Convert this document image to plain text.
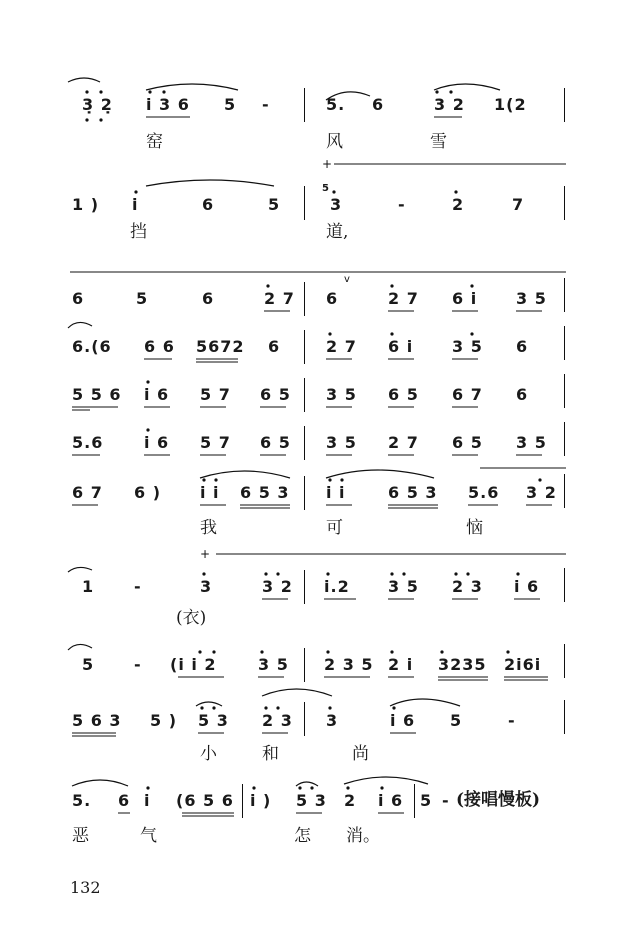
3̣ 2̣ i 3 6 5 -	5. 6	3 2 1(2
窑	风	雪
1 ) i	6	5
5
3	-	2	7
挡	道,
6	5	6	2 7 6	2 7 6 i 3 5
6.(6 6 6 5672 6	2 7 6 i 3 5 6
5 5 6 i 6 5 7 6 5 3 5 6 5 6 7 6
5.6	i 6 5 7 6 5 3 5 2 7 6 5 3 5
6 7 6 ) i i 6 5 3 i i	6 5 3 5.6 3 2
我	可	恼
1 -	3	3 2 i.2 3 5 2 3 i 6
(衣)
5 - (i i 2	3 5 2 3 5 2 i 3235 2i6i
5 6 3 5 ) 5 3 2 3 3	i 6 5	-
小	和	尚
5. 6 i (6 5 6 i ) 5 3 2 i 6 5 - (接唱慢板)
恶	气	怎 消。
+
+
v
132
